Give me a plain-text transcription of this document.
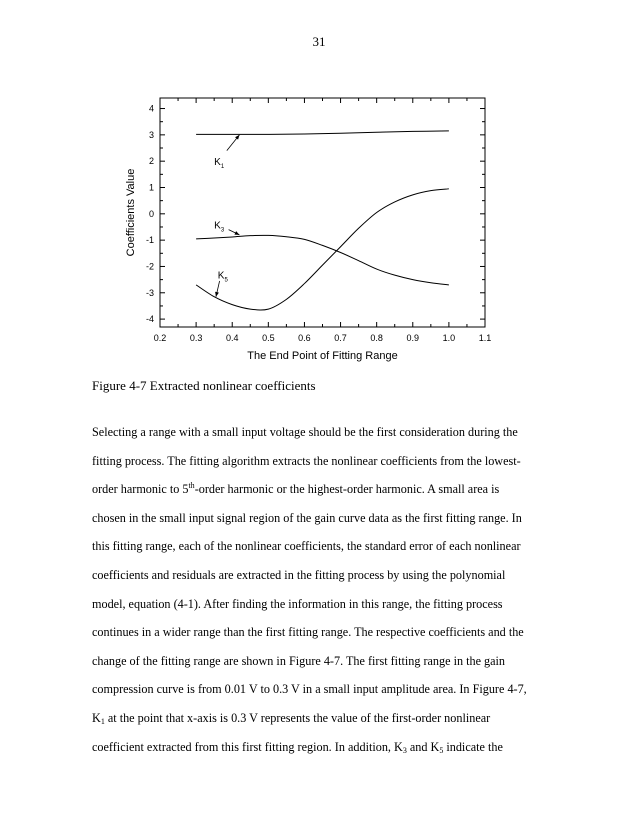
31
0.2	0.3	0.4	0.5	0.6	0.7	0.8	0.9	1.0	1.1
4
3
2
1
0
-1
-2
-3
-4
The End Point of Fitting Range
Coefficients Value
$K_1$
$K_3$
$K_5$
Figure 4-7 Extracted nonlinear coefficients
Selecting a range with a small input voltage should be the first consideration during the
fitting process. The fitting algorithm extracts the nonlinear coefficients from the lowest-
order harmonic to 5th-order harmonic or the highest-order harmonic. A small area is
chosen in the small input signal region of the gain curve data as the first fitting range. In
this fitting range, each of the nonlinear coefficients, the standard error of each nonlinear
coefficients and residuals are extracted in the fitting process by using the polynomial
model, equation (4-1). After finding the information in this range, the fitting process
continues in a wider range than the first fitting range. The respective coefficients and the
change of the fitting range are shown in Figure 4-7. The first fitting range in the gain
compression curve is from 0.01 V to 0.3 V in a small input amplitude area. In Figure 4-7,
$K_1$ at the point that x-axis is 0.3 V represents the value of the first-order nonlinear
coefficient extracted from this first fitting region. In addition, $K_3$ and $K_5$ indicate the
